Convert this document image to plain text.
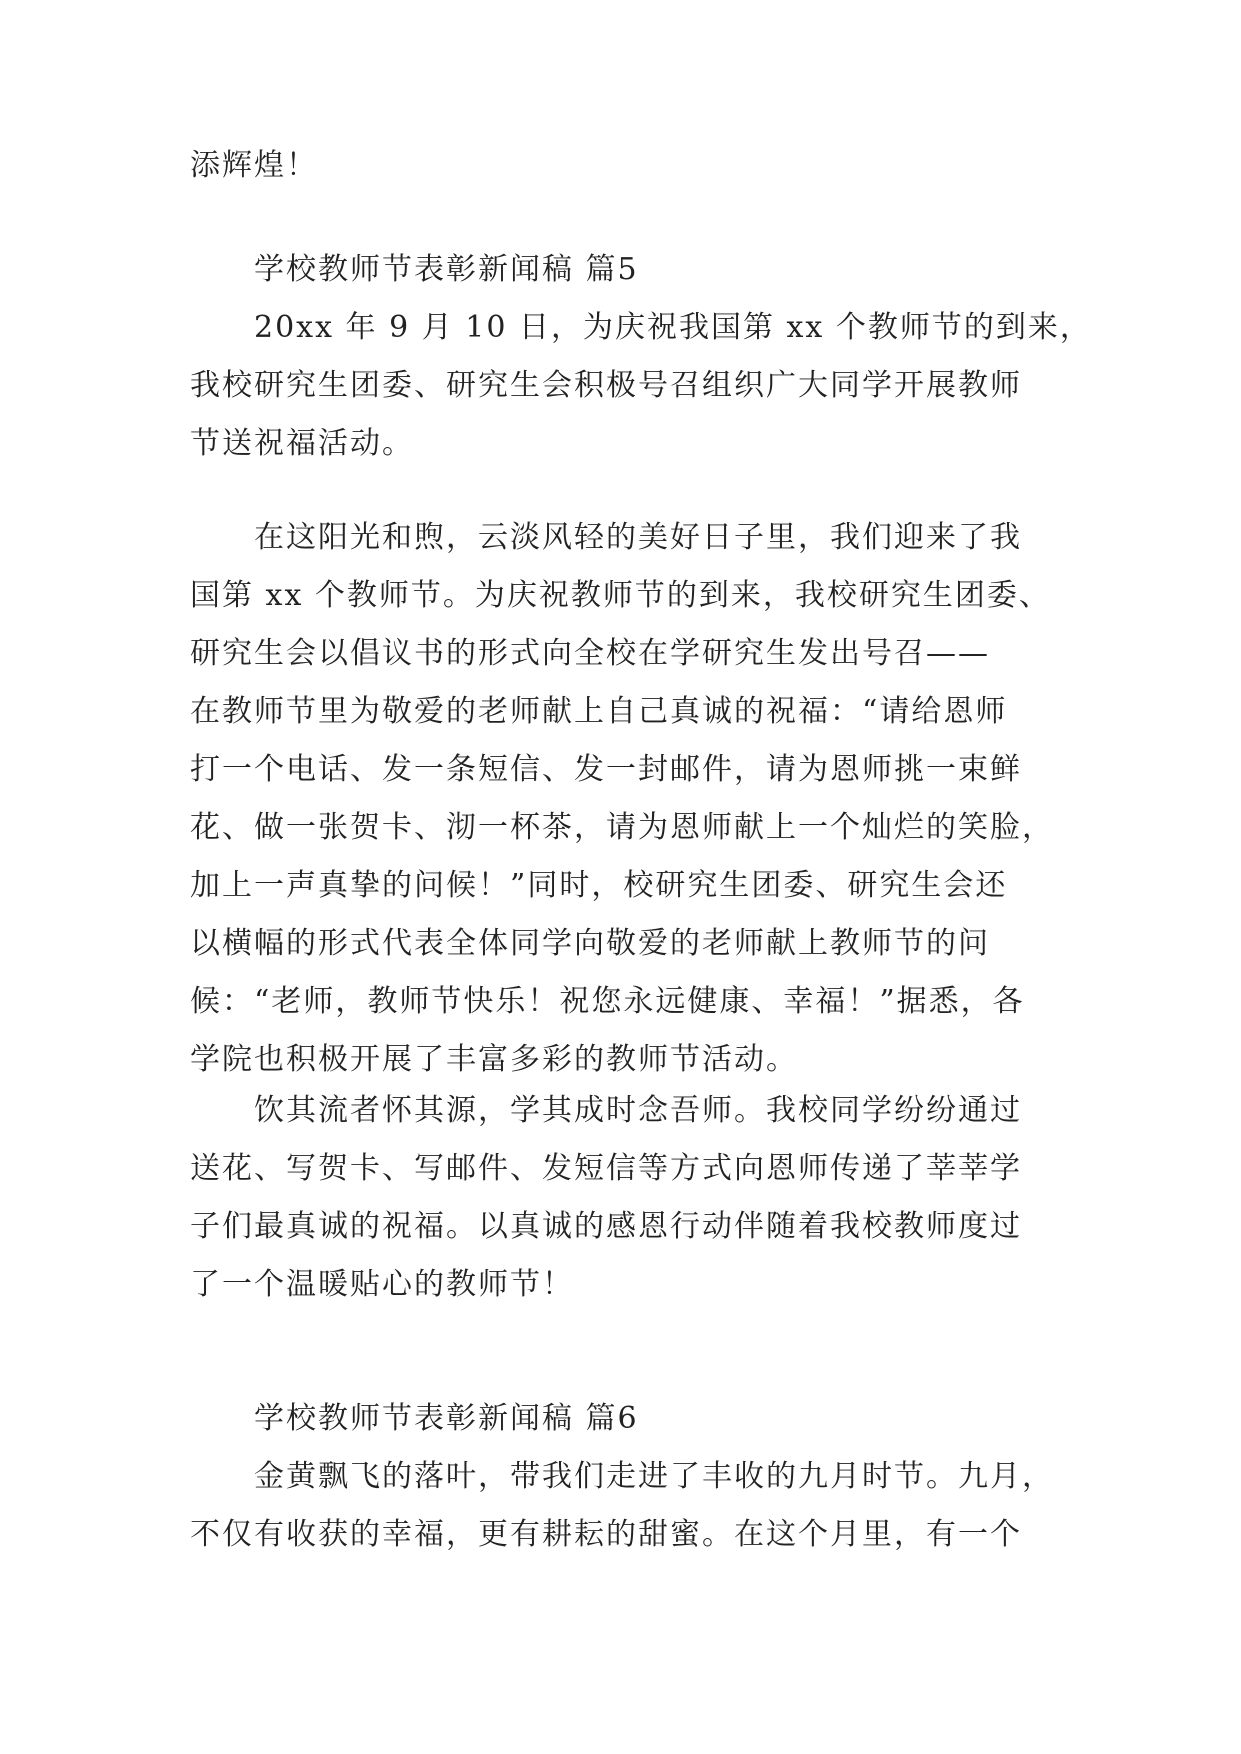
添辉煌！
学校教师节表彰新闻稿 篇5
20xx 年 9 月 10 日，为庆祝我国第 xx 个教师节的到来，
我校研究生团委、研究生会积极号召组织广大同学开展教师
节送祝福活动。
在这阳光和煦，云淡风轻的美好日子里，我们迎来了我
国第 xx 个教师节。为庆祝教师节的到来，我校研究生团委、
研究生会以倡议书的形式向全校在学研究生发出号召——
在教师节里为敬爱的老师献上自己真诚的祝福：“请给恩师
打一个电话、发一条短信、发一封邮件，请为恩师挑一束鲜
花、做一张贺卡、沏一杯茶，请为恩师献上一个灿烂的笑脸，
加上一声真挚的问候！”同时，校研究生团委、研究生会还
以横幅的形式代表全体同学向敬爱的老师献上教师节的问
候：“老师，教师节快乐！祝您永远健康、幸福！”据悉，各
学院也积极开展了丰富多彩的教师节活动。
饮其流者怀其源，学其成时念吾师。我校同学纷纷通过
送花、写贺卡、写邮件、发短信等方式向恩师传递了莘莘学
子们最真诚的祝福。以真诚的感恩行动伴随着我校教师度过
了一个温暖贴心的教师节！
学校教师节表彰新闻稿 篇6
金黄飘飞的落叶，带我们走进了丰收的九月时节。九月，
不仅有收获的幸福，更有耕耘的甜蜜。在这个月里，有一个
